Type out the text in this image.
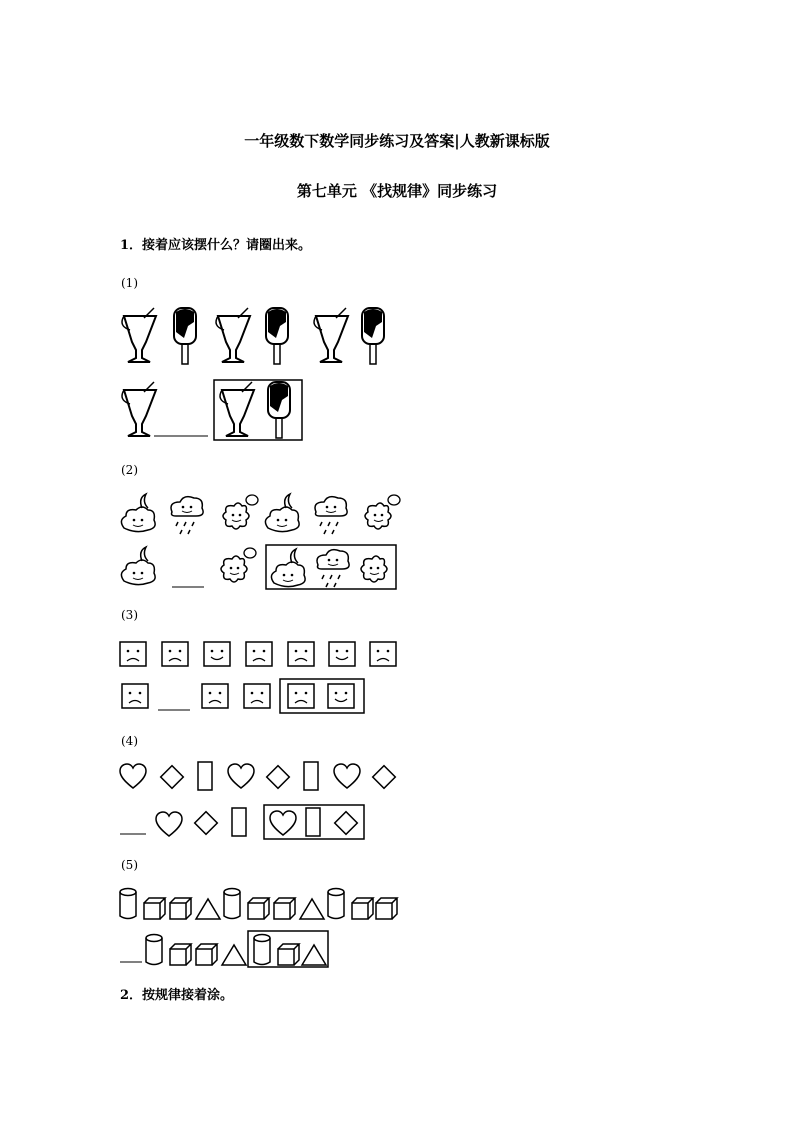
一年级数下数学同步练习及答案|人教新课标版
第七单元 《找规律》同步练习
1．接着应该摆什么？请圈出来。
(1)
(2)
(3)
(4)
(5)
2．按规律接着涂。
